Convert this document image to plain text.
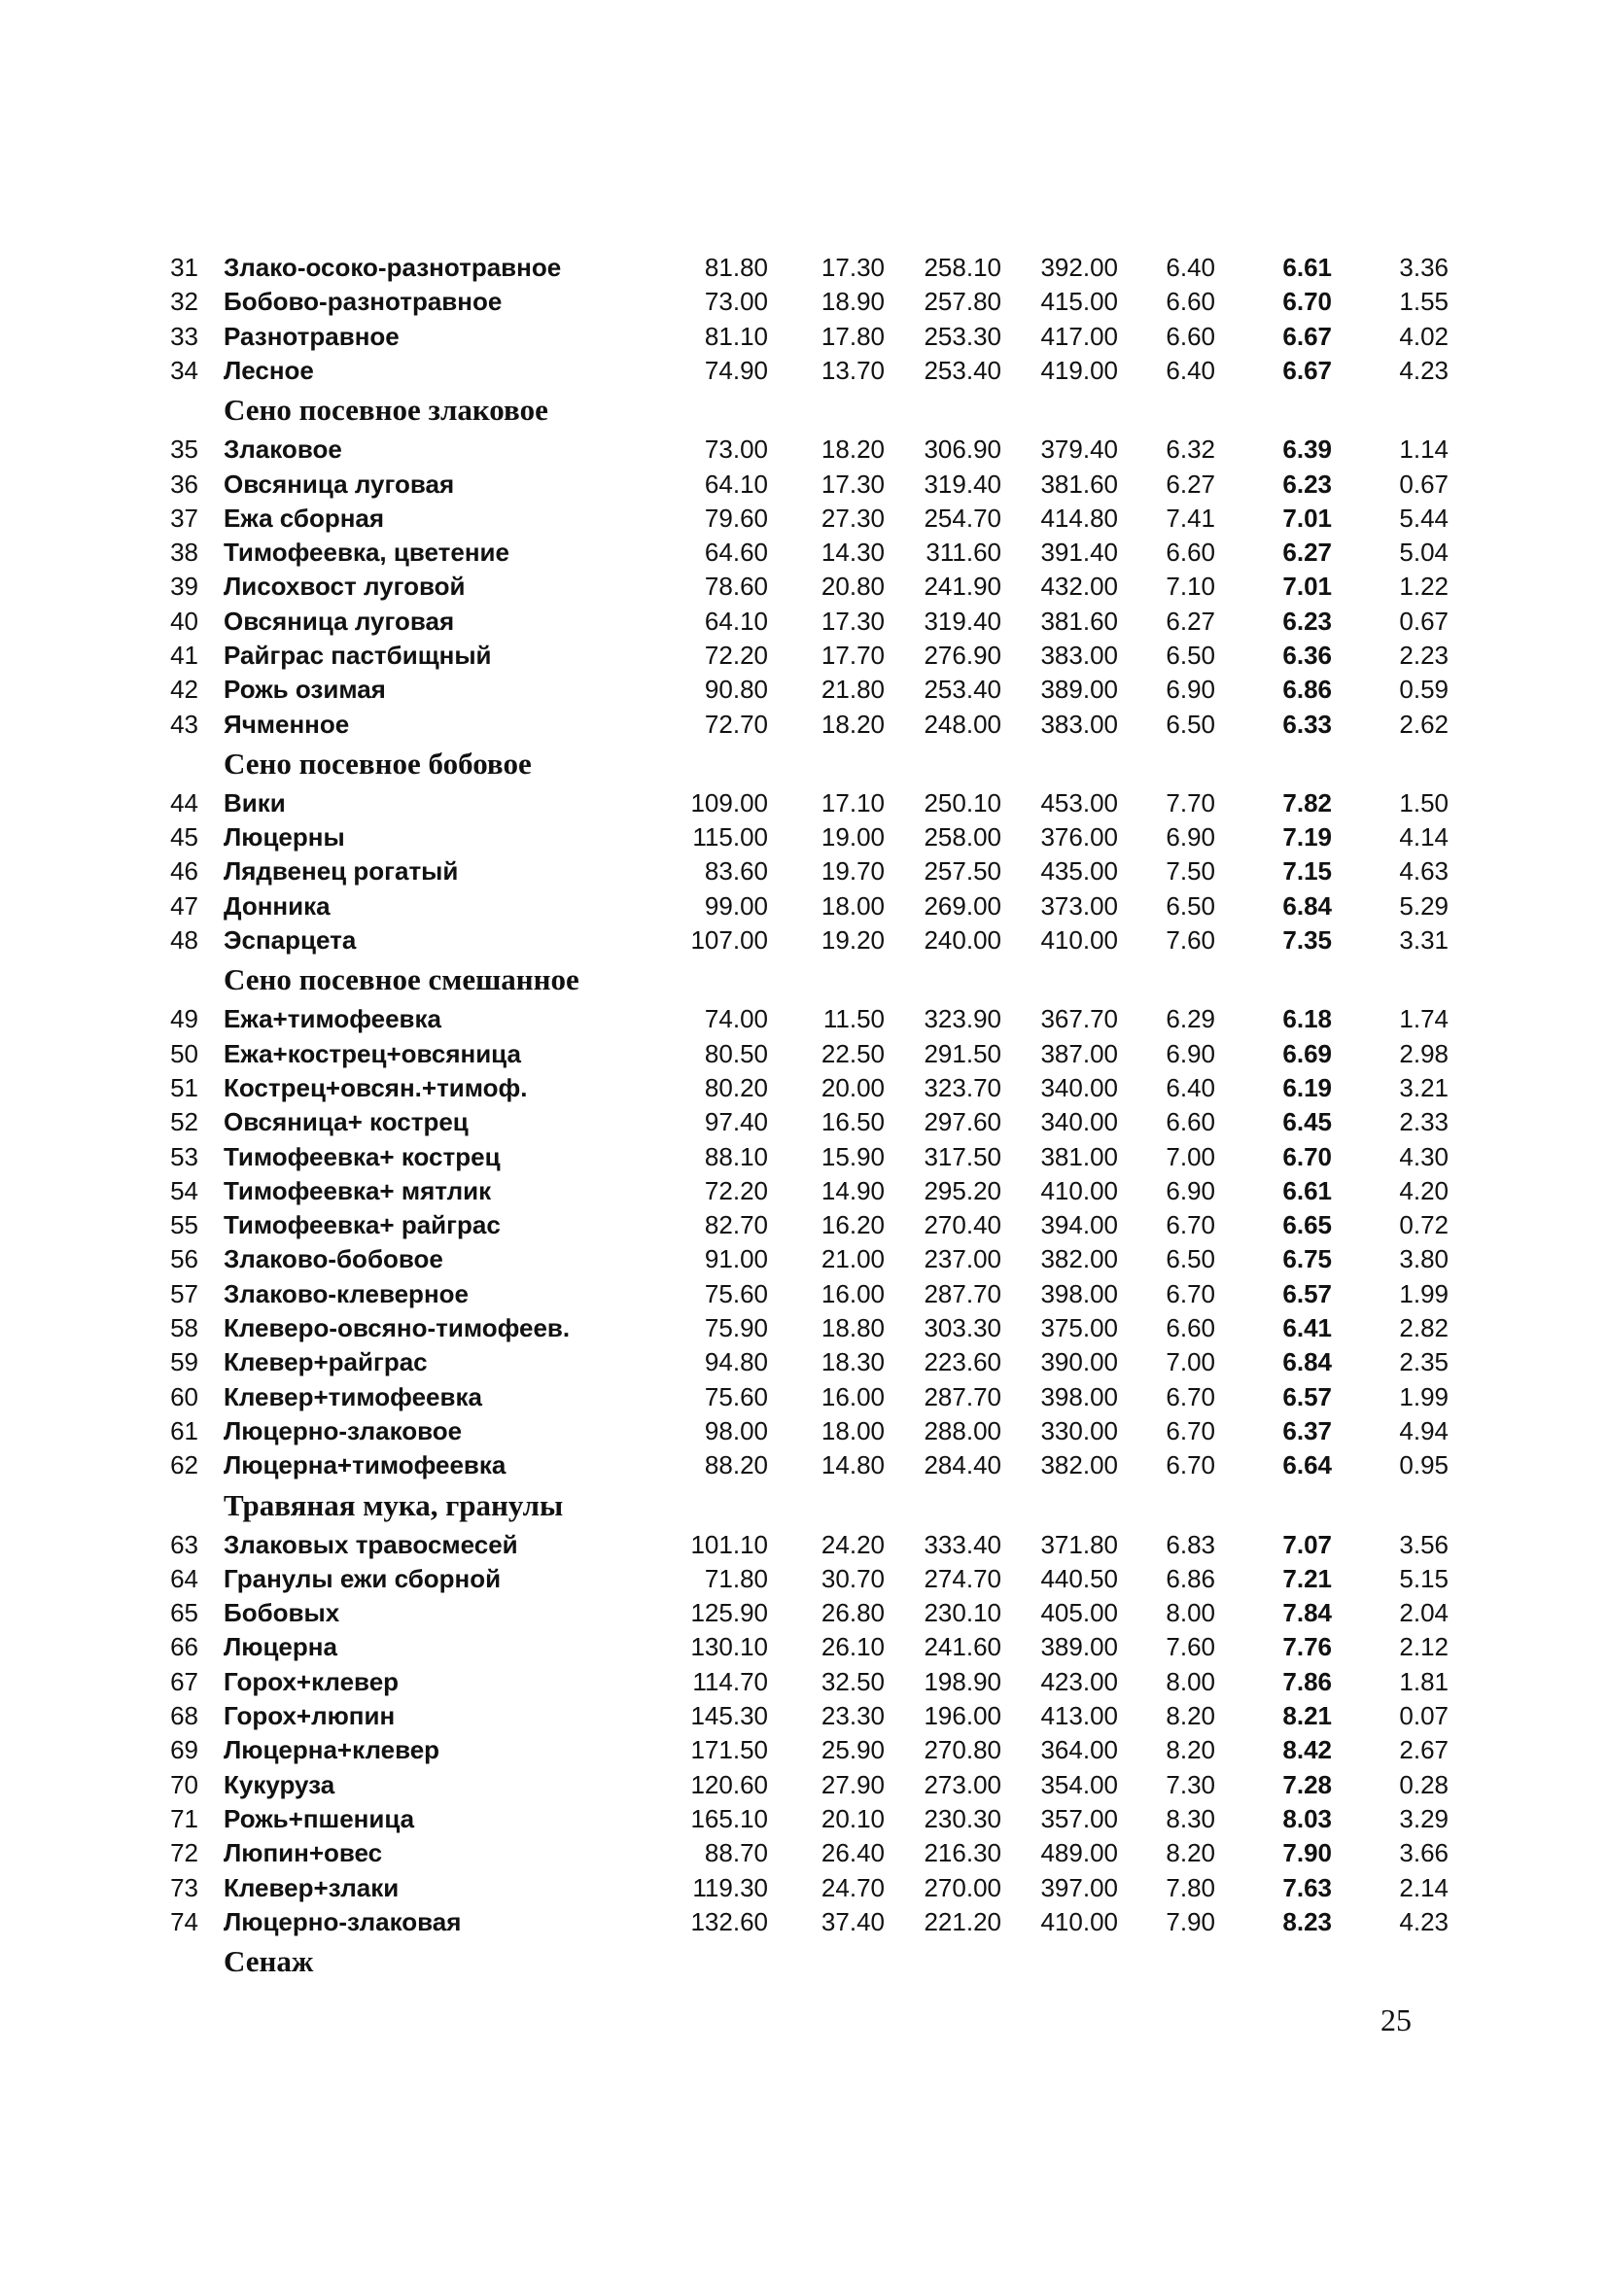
31 Злако-осоко-разнотравное	81.80	17.30	258.10	392.00	6.40	6.61	3.36
32 Бобово-разнотравное	73.00	18.90	257.80	415.00	6.60	6.70	1.55
33 Разнотравное	81.10	17.80	253.30	417.00	6.60	6.67	4.02
34 Лесное	74.90	13.70	253.40	419.00	6.40	6.67	4.23
Сено посевное злаковое
35 Злаковое	73.00	18.20	306.90	379.40	6.32	6.39	1.14
36 Овсяница луговая	64.10	17.30	319.40	381.60	6.27	6.23	0.67
37 Ежа сборная	79.60	27.30	254.70	414.80	7.41	7.01	5.44
38 Тимофеевка, цветение	64.60	14.30	311.60	391.40	6.60	6.27	5.04
39 Лисохвост луговой	78.60	20.80	241.90	432.00	7.10	7.01	1.22
40 Овсяница луговая	64.10	17.30	319.40	381.60	6.27	6.23	0.67
41 Райграс пастбищный	72.20	17.70	276.90	383.00	6.50	6.36	2.23
42 Рожь озимая	90.80	21.80	253.40	389.00	6.90	6.86	0.59
43 Ячменное	72.70	18.20	248.00	383.00	6.50	6.33	2.62
Сено посевное бобовое
44 Вики	109.00	17.10	250.10	453.00	7.70	7.82	1.50
45 Люцерны	115.00	19.00	258.00	376.00	6.90	7.19	4.14
46 Лядвенец рогатый	83.60	19.70	257.50	435.00	7.50	7.15	4.63
47 Донника	99.00	18.00	269.00	373.00	6.50	6.84	5.29
48 Эспарцета	107.00	19.20	240.00	410.00	7.60	7.35	3.31
Сено посевное смешанное
49 Ежа+тимофеевка	74.00	11.50	323.90	367.70	6.29	6.18	1.74
50 Ежа+кострец+овсяница	80.50	22.50	291.50	387.00	6.90	6.69	2.98
51 Кострец+овсян.+тимоф.	80.20	20.00	323.70	340.00	6.40	6.19	3.21
52 Овсяница+ кострец	97.40	16.50	297.60	340.00	6.60	6.45	2.33
53 Тимофеевка+ кострец	88.10	15.90	317.50	381.00	7.00	6.70	4.30
54 Тимофеевка+ мятлик	72.20	14.90	295.20	410.00	6.90	6.61	4.20
55 Тимофеевка+ райграс	82.70	16.20	270.40	394.00	6.70	6.65	0.72
56 Злаково-бобовое	91.00	21.00	237.00	382.00	6.50	6.75	3.80
57 Злаково-клеверное	75.60	16.00	287.70	398.00	6.70	6.57	1.99
58 Клеверо-овсяно-тимофеев.	75.90	18.80	303.30	375.00	6.60	6.41	2.82
59 Клевер+райграс	94.80	18.30	223.60	390.00	7.00	6.84	2.35
60 Клевер+тимофеевка	75.60	16.00	287.70	398.00	6.70	6.57	1.99
61 Люцерно-злаковое	98.00	18.00	288.00	330.00	6.70	6.37	4.94
62 Люцерна+тимофеевка	88.20	14.80	284.40	382.00	6.70	6.64	0.95
Травяная мука, гранулы
63 Злаковых травосмесей	101.10	24.20	333.40	371.80	6.83	7.07	3.56
64 Гранулы ежи сборной	71.80	30.70	274.70	440.50	6.86	7.21	5.15
65 Бобовых	125.90	26.80	230.10	405.00	8.00	7.84	2.04
66 Люцерна	130.10	26.10	241.60	389.00	7.60	7.76	2.12
67 Горох+клевер	114.70	32.50	198.90	423.00	8.00	7.86	1.81
68 Горох+люпин	145.30	23.30	196.00	413.00	8.20	8.21	0.07
69 Люцерна+клевер	171.50	25.90	270.80	364.00	8.20	8.42	2.67
70 Кукуруза	120.60	27.90	273.00	354.00	7.30	7.28	0.28
71 Рожь+пшеница	165.10	20.10	230.30	357.00	8.30	8.03	3.29
72 Люпин+овес	88.70	26.40	216.30	489.00	8.20	7.90	3.66
73 Клевер+злаки	119.30	24.70	270.00	397.00	7.80	7.63	2.14
74 Люцерно-злаковая	132.60	37.40	221.20	410.00	7.90	8.23	4.23
Сенаж
25
